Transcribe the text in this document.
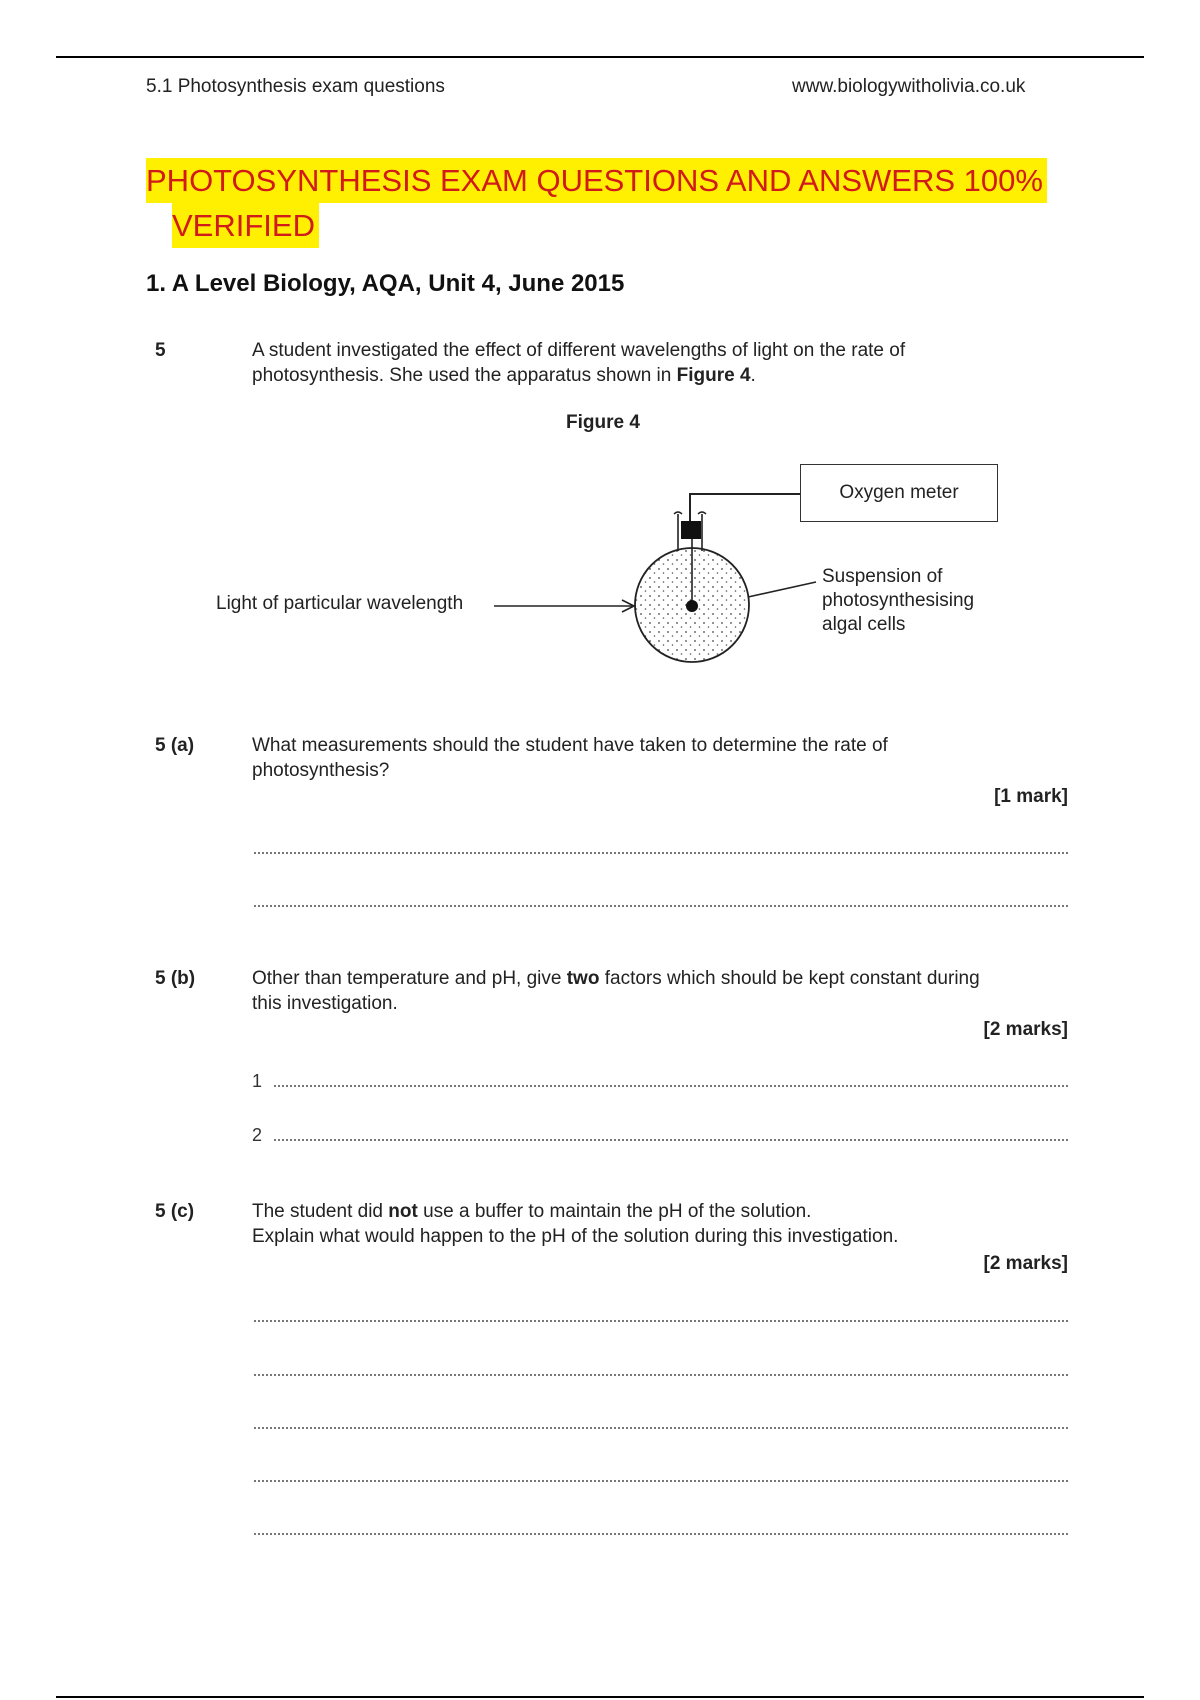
5.1 Photosynthesis exam questions	www.biologywitholivia.co.uk
PHOTOSYNTHESIS EXAM QUESTIONS AND ANSWERS 100%
VERIFIED
1. A Level Biology, AQA, Unit 4, June 2015
5	A student investigated the effect of different wavelengths of light on the rate of
photosynthesis. She used the apparatus shown in Figure 4.
Figure 4
Oxygen meter
Light of particular wavelength
Suspension of
photosynthesising
algal cells
5 (a)	What measurements should the student have taken to determine the rate of
photosynthesis?
[1 mark]
5 (b)	Other than temperature and pH, give two factors which should be kept constant during
this investigation.
[2 marks]
1
2
5 (c)	The student did not use a buffer to maintain the pH of the solution.
Explain what would happen to the pH of the solution during this investigation.
[2 marks]
